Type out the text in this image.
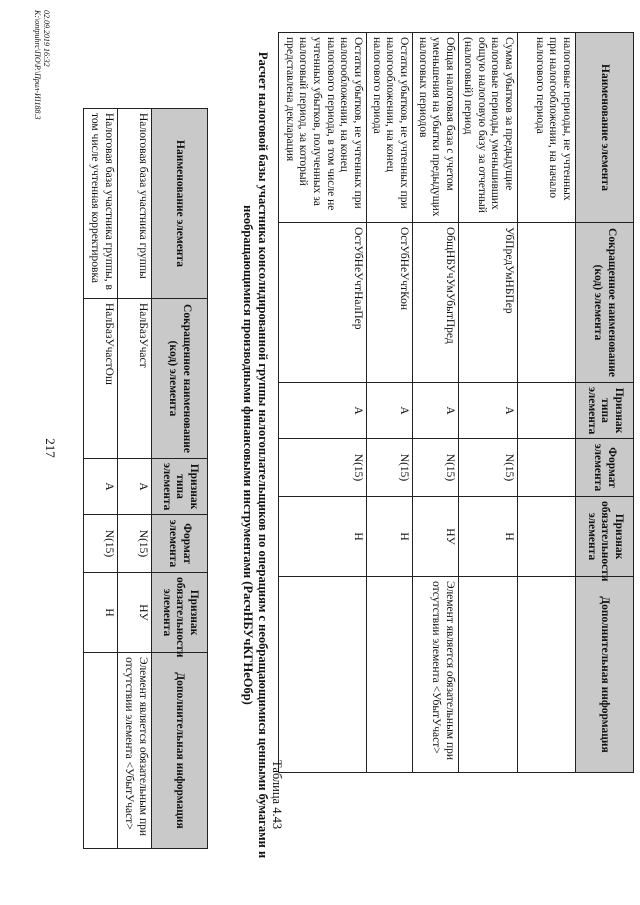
Наименование элемента	Сокращенное наименование (код) элемента	Признак типа элемента	Формат элемента	Признак обязательности элемента	Дополнительная информация
налоговые периоды, не учтенных при налогообложении, на начало налогового периода					
Сумма убытков за предыдущие налоговые периоды, уменьшивших общую налоговую базу за отчетный (налоговый) период	УбПредУмНБПер	А	N(15)	Н	
Общая налоговая база с учетом уменьшения на убытки предыдущих налоговых периодов	ОбщНБУчУмУбытПред	А	N(15)	НУ	Элемент является обязательным при отсутствии элемента <УбытУчаст>
Остатки убытков, не учтенных при налогообложении, на конец налогового периода	ОстУбНеУчтКон	А	N(15)	Н	
Остатки убытков, не учтенных при налогообложении, на конец налогового периода, в том числе не учтенных убытков, полученных за налоговый период, за который представлена декларация	ОстУбНеУчтНалПер	А	N(15)	Н	
Таблица 4.43
Расчет налоговой базы участника консолидированной группы налогоплательщиков по операциям с необращающимися ценными бумагами и необращающимися производными финансовыми инструментами (РасчНБУчКГНеОбр)
Наименование элемента	Сокращенное наименование (код) элемента	Признак типа элемента	Формат элемента	Признак обязательности элемента	Дополнительная информация
Налоговая база участника группы	НалБазУчаст	А	N(15)	НУ	Элемент является обязательным при отсутствии элемента <УбытУчаст>
Налоговая база участника группы, в том числе учтенная корректировка	НалБазУчастОш	А	N(15)	Н	
02.09.2019 16:32
K:\ontpuhrc\ПО\Р.\Прил-ИI188.3
217
